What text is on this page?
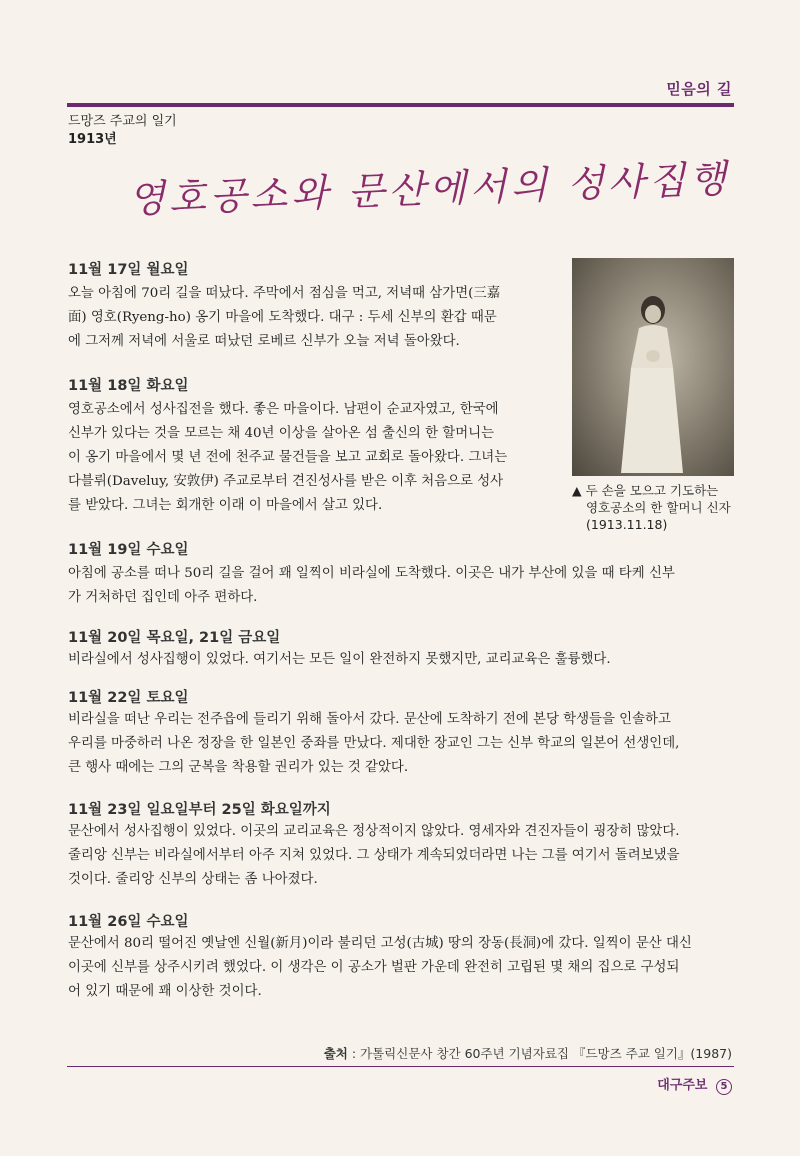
믿음의 길
드망즈 주교의 일기
1913년
영호공소와 문산에서의 성사집행
▲ 두 손을 모으고 기도하는
영호공소의 한 할머니 신자
(1913.11.18)
11월 17일 월요일
오늘 아침에 70리 길을 떠났다. 주막에서 점심을 먹고, 저녁때 삼가면(三嘉
面) 영호(Ryeng-ho) 옹기 마을에 도착했다. 대구 : 두세 신부의 환갑 때문
에 그저께 저녁에 서울로 떠났던 로베르 신부가 오늘 저녁 돌아왔다.
11월 18일 화요일
영호공소에서 성사집전을 했다. 좋은 마을이다. 남편이 순교자였고, 한국에
신부가 있다는 것을 모르는 채 40년 이상을 살아온 섬 출신의 한 할머니는
이 옹기 마을에서 몇 년 전에 천주교 물건들을 보고 교회로 돌아왔다. 그녀는
다블뤼(Daveluy, 安敦伊) 주교로부터 견진성사를 받은 이후 처음으로 성사
를 받았다. 그녀는 회개한 이래 이 마을에서 살고 있다.
11월 19일 수요일
아침에 공소를 떠나 50리 길을 걸어 꽤 일찍이 비라실에 도착했다. 이곳은 내가 부산에 있을 때 타케 신부
가 거처하던 집인데 아주 편하다.
11월 20일 목요일, 21일 금요일
비라실에서 성사집행이 있었다. 여기서는 모든 일이 완전하지 못했지만, 교리교육은 훌륭했다.
11월 22일 토요일
비라실을 떠난 우리는 전주읍에 들리기 위해 돌아서 갔다. 문산에 도착하기 전에 본당 학생들을 인솔하고
우리를 마중하러 나온 정장을 한 일본인 중좌를 만났다. 제대한 장교인 그는 신부 학교의 일본어 선생인데,
큰 행사 때에는 그의 군복을 착용할 권리가 있는 것 같았다.
11월 23일 일요일부터 25일 화요일까지
문산에서 성사집행이 있었다. 이곳의 교리교육은 정상적이지 않았다. 영세자와 견진자들이 굉장히 많았다.
줄리앙 신부는 비라실에서부터 아주 지쳐 있었다. 그 상태가 계속되었더라면 나는 그를 여기서 돌려보냈을
것이다. 줄리앙 신부의 상태는 좀 나아졌다.
11월 26일 수요일
문산에서 80리 떨어진 옛날엔 신월(新月)이라 불리던 고성(古城) 땅의 장동(長洞)에 갔다. 일찍이 문산 대신
이곳에 신부를 상주시키려 했었다. 이 생각은 이 공소가 벌판 가운데 완전히 고립된 몇 채의 집으로 구성되
어 있기 때문에 꽤 이상한 것이다.
출처 : 가톨릭신문사 창간 60주년 기념자료집 『드망즈 주교 일기』(1987)
대구주보 5
